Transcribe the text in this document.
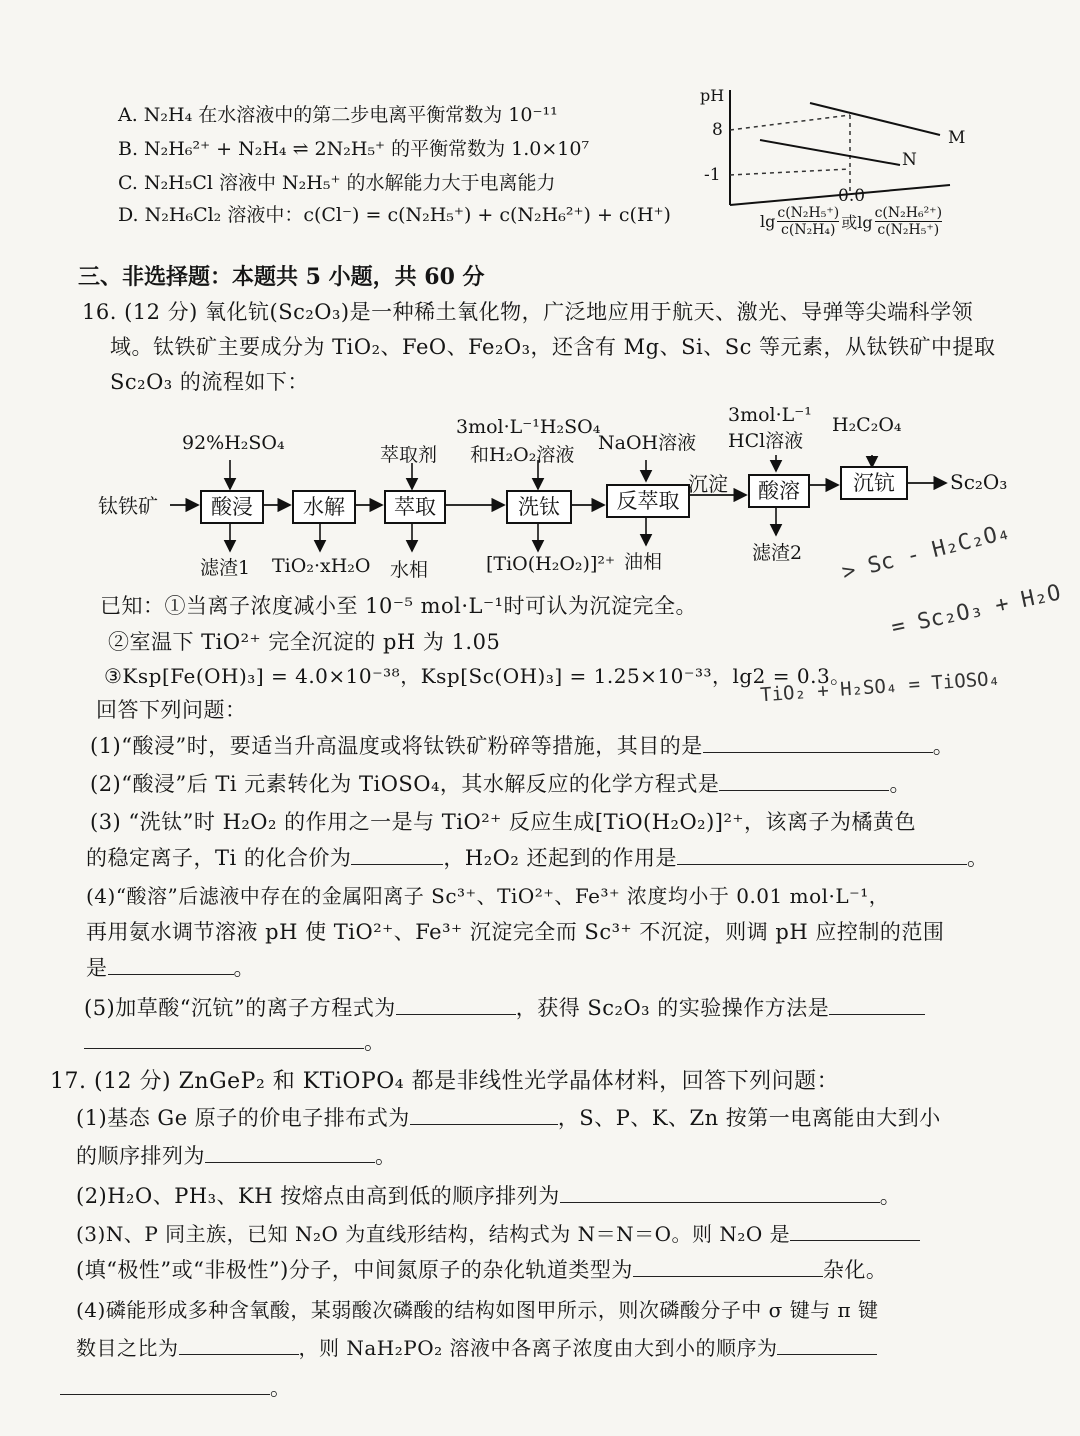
A. N₂H₄ 在水溶液中的第二步电离平衡常数为 10⁻¹¹
B. N₂H₆²⁺ + N₂H₄ ⇌ 2N₂H₅⁺ 的平衡常数为 1.0×10⁷
C. N₂H₅Cl 溶液中 N₂H₅⁺ 的水解能力大于电离能力
D. N₂H₆Cl₂ 溶液中：c(Cl⁻) = c(N₂H₅⁺) + c(N₂H₆²⁺) + c(H⁺)
pH
8
-1
0.0
M
N
lg c(N₂H₅⁺)
c(N₂H₄) 或lg c(N₂H₆²⁺)
c(N₂H₅⁺)
三、非选择题：本题共 5 小题，共 60 分
16. (12 分) 氧化钪(Sc₂O₃)是一种稀土氧化物，广泛地应用于航天、激光、导弹等尖端科学领
域。钛铁矿主要成分为 TiO₂、FeO、Fe₂O₃，还含有 Mg、Si、Sc 等元素，从钛铁矿中提取
Sc₂O₃ 的流程如下：
92%H₂SO₄
萃取剂
3mol·L⁻¹H₂SO₄
和H₂O₂溶液
NaOH溶液
3mol·L⁻¹
HCl溶液
H₂C₂O₄
钛铁矿	酸浸	水解	萃取	洗钛	反萃取	酸溶	沉钪	Sc₂O₃
沉淀
滤渣1 TiO₂·xH₂O 水相	[TiO(H₂O₂)]²⁺ 油相	滤渣2
已知：①当离子浓度减小至 10⁻⁵ mol·L⁻¹时可认为沉淀完全。
②室温下 TiO²⁺ 完全沉淀的 pH 为 1.05
③Ksp[Fe(OH)₃] = 4.0×10⁻³⁸，Ksp[Sc(OH)₃] = 1.25×10⁻³³，lg2 = 0.3。
回答下列问题：
(1)“酸浸”时，要适当升高温度或将钛铁矿粉碎等措施，其目的是	。
(2)“酸浸”后 Ti 元素转化为 TiOSO₄，其水解反应的化学方程式是	。
(3) “洗钛”时 H₂O₂ 的作用之一是与 TiO²⁺ 反应生成[TiO(H₂O₂)]²⁺，该离子为橘黄色
的稳定离子，Ti 的化合价为	，H₂O₂ 还起到的作用是	。
(4)“酸溶”后滤液中存在的金属阳离子 Sc³⁺、TiO²⁺、Fe³⁺ 浓度均小于 0.01 mol·L⁻¹，
再用氨水调节溶液 pH 使 TiO²⁺、Fe³⁺ 沉淀完全而 Sc³⁺ 不沉淀，则调 pH 应控制的范围
是	。
(5)加草酸“沉钪”的离子方程式为	，获得 Sc₂O₃ 的实验操作方法是
。
17. (12 分) ZnGeP₂ 和 KTiOPO₄ 都是非线性光学晶体材料，回答下列问题：
(1)基态 Ge 原子的价电子排布式为	，S、P、K、Zn 按第一电离能由大到小
的顺序排列为	。
(2)H₂O、PH₃、KH 按熔点由高到低的顺序排列为	。
(3)N、P 同主族，已知 N₂O 为直线形结构，结构式为 N＝N＝O。则 N₂O 是
(填“极性”或“非极性”)分子，中间氮原子的杂化轨道类型为	杂化。
(4)磷能形成多种含氧酸，某弱酸次磷酸的结构如图甲所示，则次磷酸分子中 σ 键与 π 键
数目之比为	，则 NaH₂PO₂ 溶液中各离子浓度由大到小的顺序为
。
> Sc - H₂C₂O₄
= Sc₂O₃ + H₂O
TiO₂ + H₂SO₄ = TiOSO₄
